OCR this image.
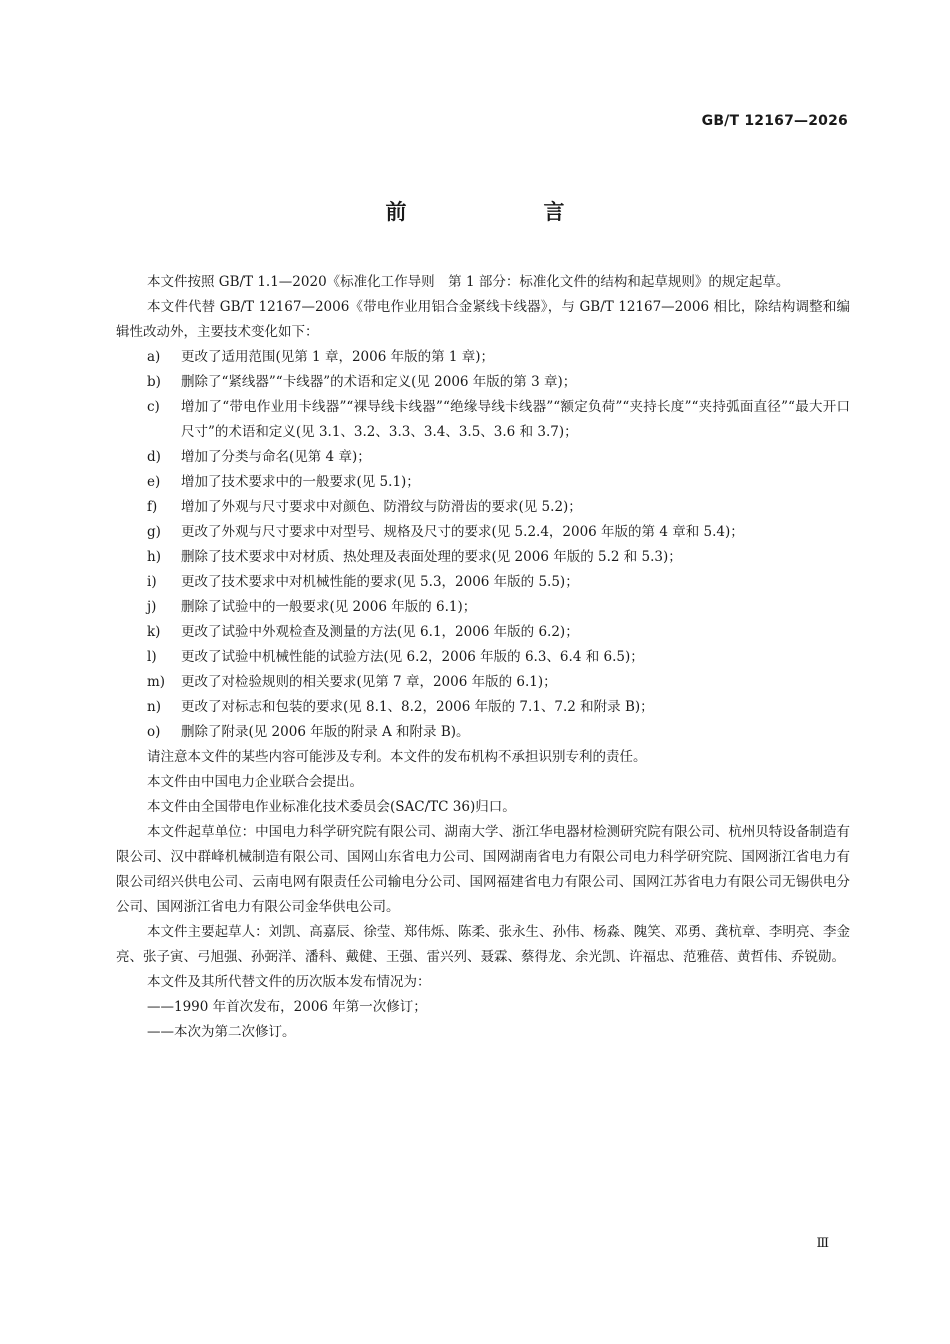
GB/T 12167—2026
前　言

本文件按照 GB/T 1.1—2020《标准化工作导则　第 1 部分：标准化文件的结构和起草规则》的规定起草。

本文件代替 GB/T 12167—2006《带电作业用铝合金紧线卡线器》，与 GB/T 12167—2006 相比，除结构调整和编辑性改动外，主要技术变化如下：

a)	更改了适用范围(见第 1 章，2006 年版的第 1 章)；
b)	删除了“紧线器”“卡线器”的术语和定义(见 2006 年版的第 3 章)；
c)	增加了“带电作业用卡线器”“裸导线卡线器”“绝缘导线卡线器”“额定负荷”“夹持长度”“夹持弧面直径”“最大开口尺寸”的术语和定义(见 3.1、3.2、3.3、3.4、3.5、3.6 和 3.7)；
d)	增加了分类与命名(见第 4 章)；
e)	增加了技术要求中的一般要求(见 5.1)；
f)	增加了外观与尺寸要求中对颜色、防滑纹与防滑齿的要求(见 5.2)；
g)	更改了外观与尺寸要求中对型号、规格及尺寸的要求(见 5.2.4，2006 年版的第 4 章和 5.4)；
h)	删除了技术要求中对材质、热处理及表面处理的要求(见 2006 年版的 5.2 和 5.3)；
i)	更改了技术要求中对机械性能的要求(见 5.3，2006 年版的 5.5)；
j)	删除了试验中的一般要求(见 2006 年版的 6.1)；
k)	更改了试验中外观检查及测量的方法(见 6.1，2006 年版的 6.2)；
l)	更改了试验中机械性能的试验方法(见 6.2，2006 年版的 6.3、6.4 和 6.5)；
m)	更改了对检验规则的相关要求(见第 7 章，2006 年版的 6.1)；
n)	更改了对标志和包装的要求(见 8.1、8.2，2006 年版的 7.1、7.2 和附录 B)；
o)	删除了附录(见 2006 年版的附录 A 和附录 B)。

请注意本文件的某些内容可能涉及专利。本文件的发布机构不承担识别专利的责任。

本文件由中国电力企业联合会提出。

本文件由全国带电作业标准化技术委员会(SAC/TC 36)归口。

本文件起草单位：中国电力科学研究院有限公司、湖南大学、浙江华电器材检测研究院有限公司、杭州贝特设备制造有限公司、汉中群峰机械制造有限公司、国网山东省电力公司、国网湖南省电力有限公司电力科学研究院、国网浙江省电力有限公司绍兴供电公司、云南电网有限责任公司输电分公司、国网福建省电力有限公司、国网江苏省电力有限公司无锡供电分公司、国网浙江省电力有限公司金华供电公司。

本文件主要起草人：刘凯、高嘉辰、徐莹、郑伟烁、陈柔、张永生、孙伟、杨淼、隗笑、邓勇、龚杭章、李明亮、李金亮、张子寅、弓旭强、孙弼洋、潘科、戴健、王强、雷兴列、聂霖、蔡得龙、余光凯、许福忠、范雅蓓、黄哲伟、乔锐勋。

本文件及其所代替文件的历次版本发布情况为：

——1990 年首次发布，2006 年第一次修订；

——本次为第二次修订。

Ⅲ
